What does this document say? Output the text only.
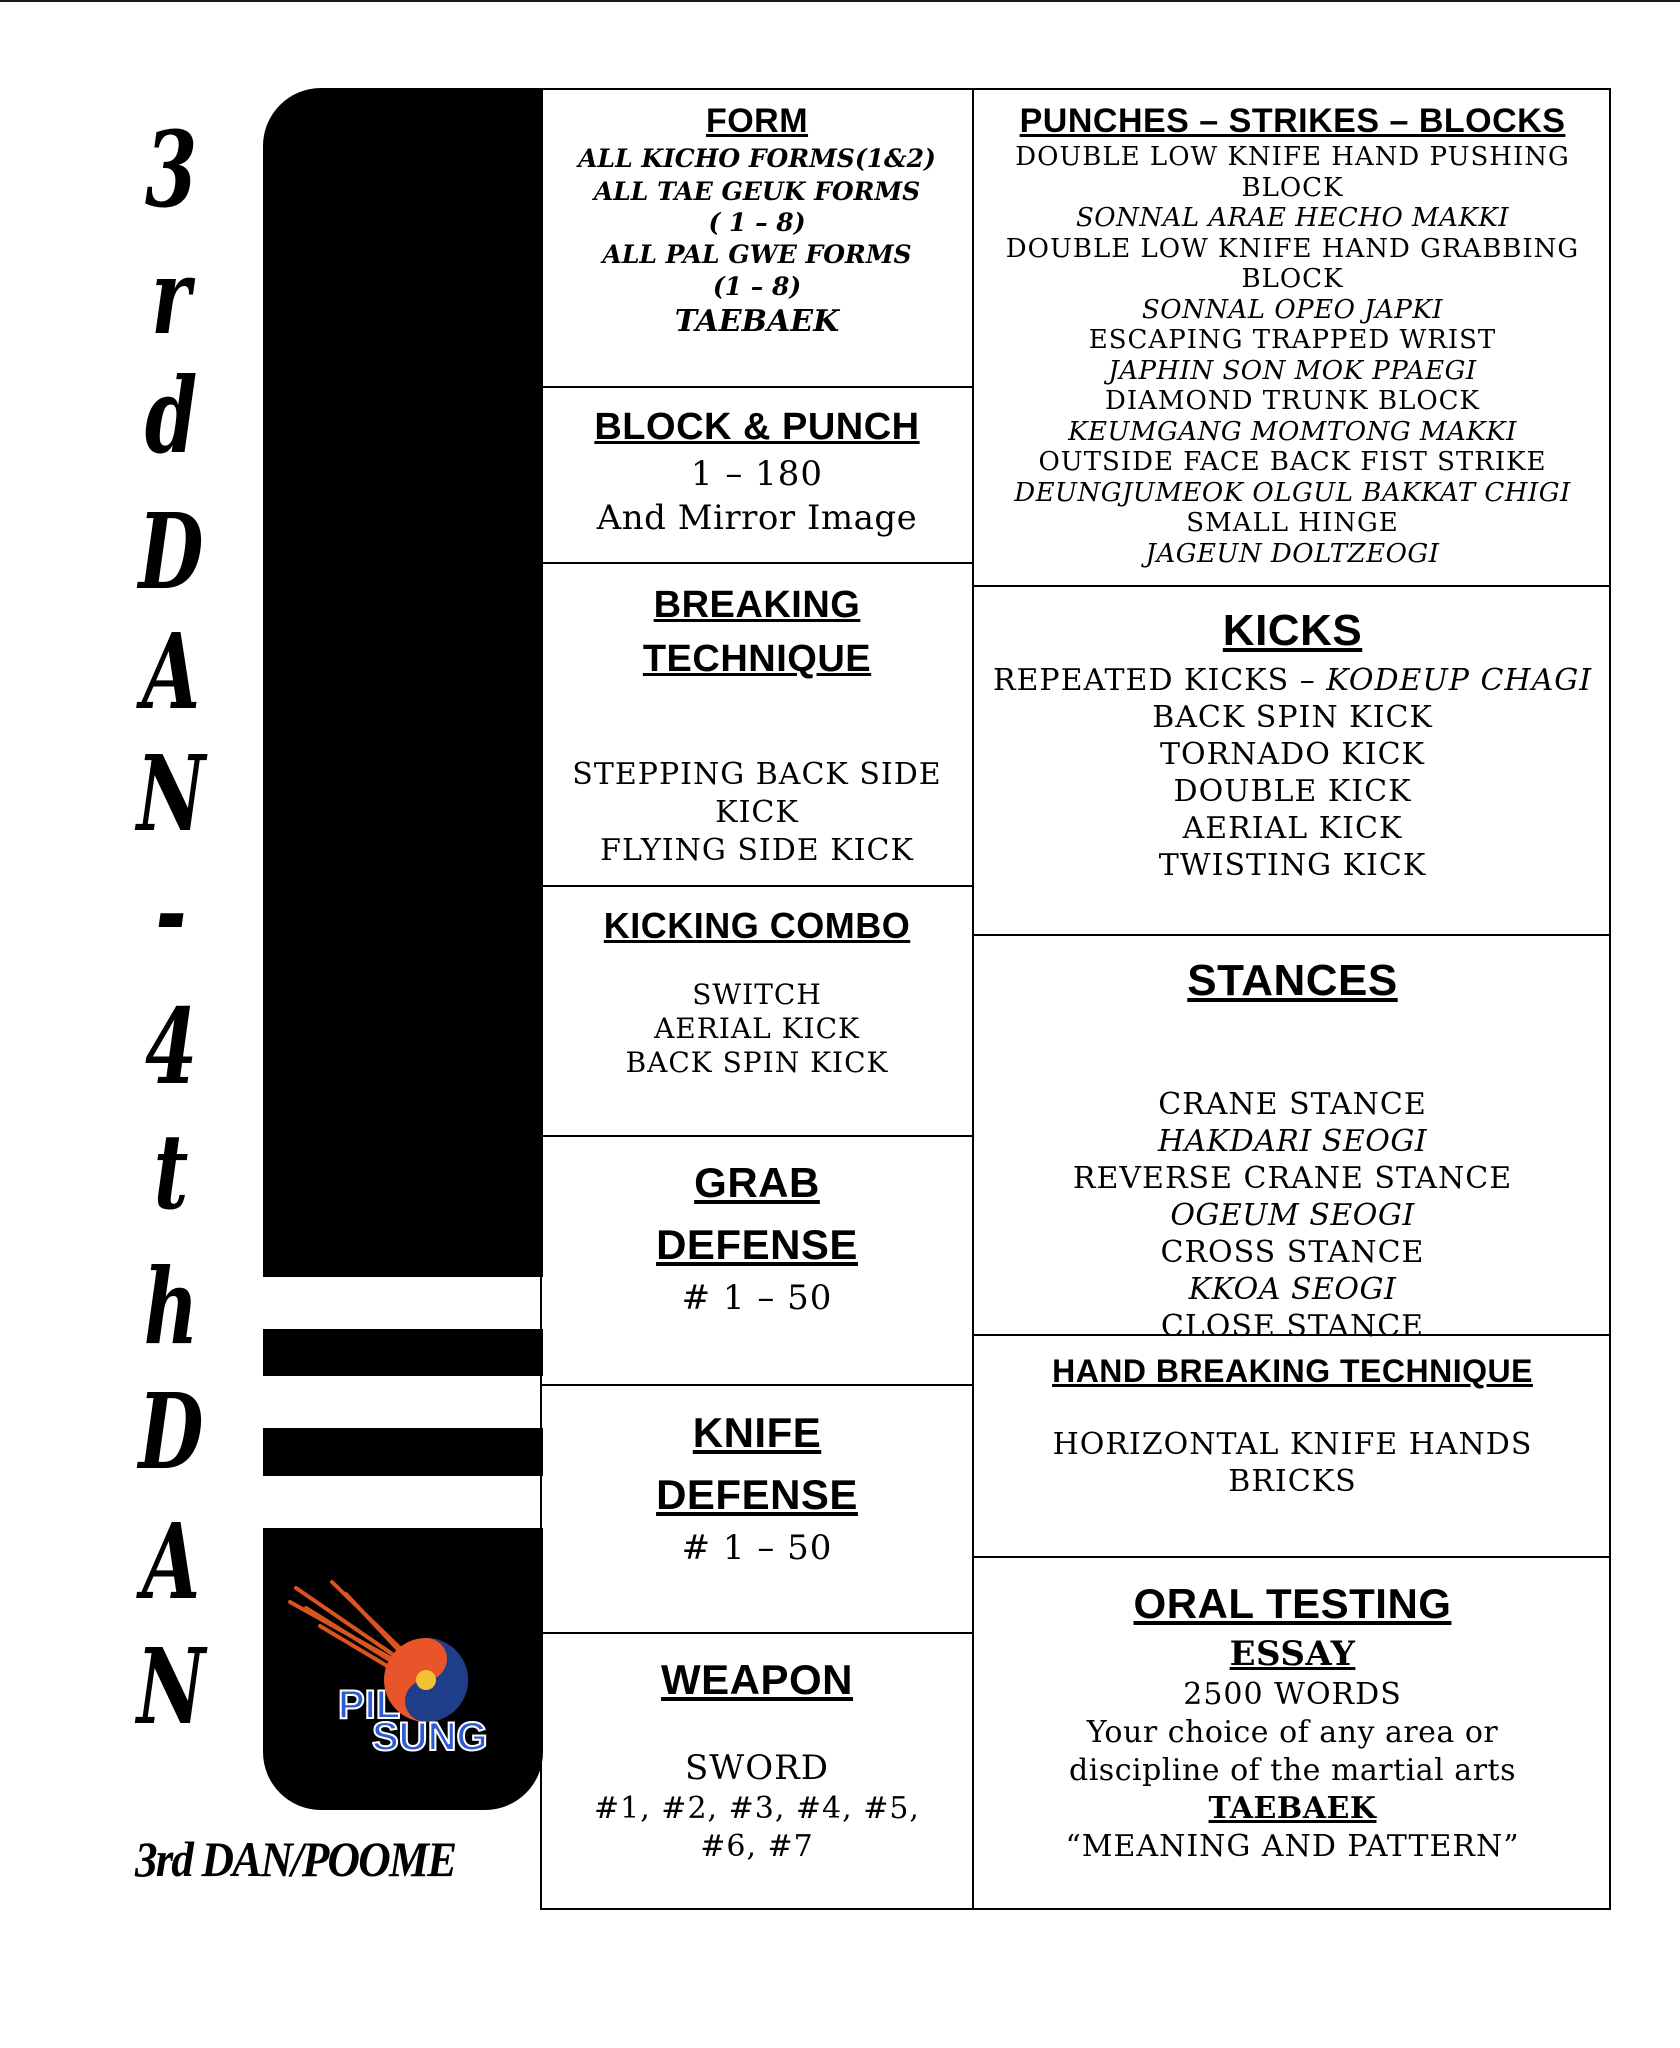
3
r
d
D
A
N
-
4
t
h
D
A
N	PIL
SUNG
3rd DAN/POOME
FORM
ALL KICHO FORMS(1&2)
ALL TAE GEUK FORMS
( 1 – 8)
ALL PAL GWE FORMS
(1 – 8)
TAEBAEK
BLOCK & PUNCH
1 – 180
And Mirror Image
BREAKING
TECHNIQUE
STEPPING BACK SIDE
KICK
FLYING SIDE KICK
KICKING COMBO
SWITCH
AERIAL KICK
BACK SPIN KICK
GRAB
DEFENSE
# 1 – 50
KNIFE
DEFENSE
# 1 – 50
WEAPON
SWORD
#1, #2, #3, #4, #5,
#6, #7
PUNCHES – STRIKES – BLOCKS
DOUBLE LOW KNIFE HAND PUSHING
BLOCK
SONNAL ARAE HECHO MAKKI
DOUBLE LOW KNIFE HAND GRABBING
BLOCK
SONNAL OPEO JAPKI
ESCAPING TRAPPED WRIST
JAPHIN SON MOK PPAEGI
DIAMOND TRUNK BLOCK
KEUMGANG MOMTONG MAKKI
OUTSIDE FACE BACK FIST STRIKE
DEUNGJUMEOK OLGUL BAKKAT CHIGI
SMALL HINGE
JAGEUN DOLTZEOGI
KICKS
REPEATED KICKS – KODEUP CHAGI
BACK SPIN KICK
TORNADO KICK
DOUBLE KICK
AERIAL KICK
TWISTING KICK
STANCES
CRANE STANCE
HAKDARI SEOGI
REVERSE CRANE STANCE
OGEUM SEOGI
CROSS STANCE
KKOA SEOGI
CLOSE STANCE
HAND BREAKING TECHNIQUE
HORIZONTAL KNIFE HANDS
BRICKS
ORAL TESTING
ESSAY
2500 WORDS
Your choice of any area or
discipline of the martial arts
TAEBAEK
“MEANING AND PATTERN”
